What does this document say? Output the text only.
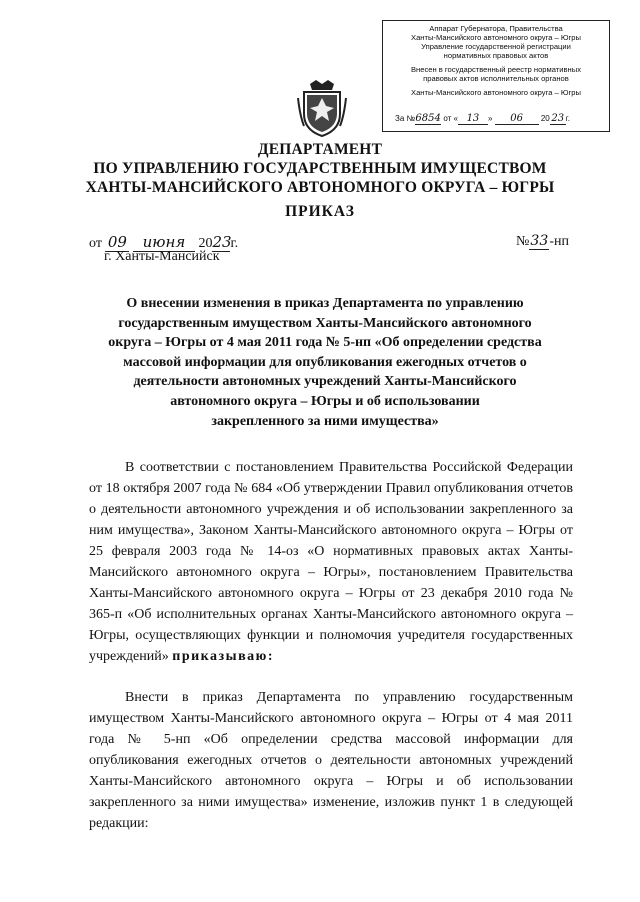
Аппарат Губернатора, Правительства
Ханты-Мансийского автономного округа – Югры
Управление государственной регистрации
нормативных правовых актов
Внесен в государственный реестр нормативных
правовых актов исполнительных органов
Ханты-Мансийского автономного округа – Югры
За №6854 от « 13 » 06 20 23 г.
ДЕПАРТАМЕНТ
ПО УПРАВЛЕНИЮ ГОСУДАРСТВЕННЫМ ИМУЩЕСТВОМ
ХАНТЫ-МАНСИЙСКОГО АВТОНОМНОГО ОКРУГА – ЮГРЫ
ПРИКАЗ
от 09 июня 2023г.
г. Ханты-Мансийск
№33-нп
О внесении изменения в приказ Департамента по управлению
государственным имуществом Ханты-Мансийского автономного
округа – Югры от 4 мая 2011 года № 5-нп «Об определении средства
массовой информации для опубликования ежегодных отчетов о
деятельности автономных учреждений Ханты-Мансийского
автономного округа – Югры и об использовании
закрепленного за ними имущества»

В соответствии с постановлением Правительства Российской Федерации от 18 октября 2007 года № 684 «Об утверждении Правил опубликования отчетов о деятельности автономного учреждения и об использовании закрепленного за ним имущества», Законом Ханты-Мансийского автономного округа – Югры от 25 февраля 2003 года № 14-оз «О нормативных правовых актах Ханты-Мансийского автономного округа – Югры», постановлением Правительства Ханты-Мансийского автономного округа – Югры от 23 декабря 2010 года № 365-п «Об исполнительных органах Ханты-Мансийского автономного округа – Югры, осуществляющих функции и полномочия учредителя государственных учреждений» приказываю:

Внести в приказ Департамента по управлению государственным имуществом Ханты-Мансийского автономного округа – Югры от 4 мая 2011 года № 5-нп «Об определении средства массовой информации для опубликования ежегодных отчетов о деятельности автономных учреждений Ханты-Мансийского автономного округа – Югры и об использовании закрепленного за ними имущества» изменение, изложив пункт 1 в следующей редакции:
